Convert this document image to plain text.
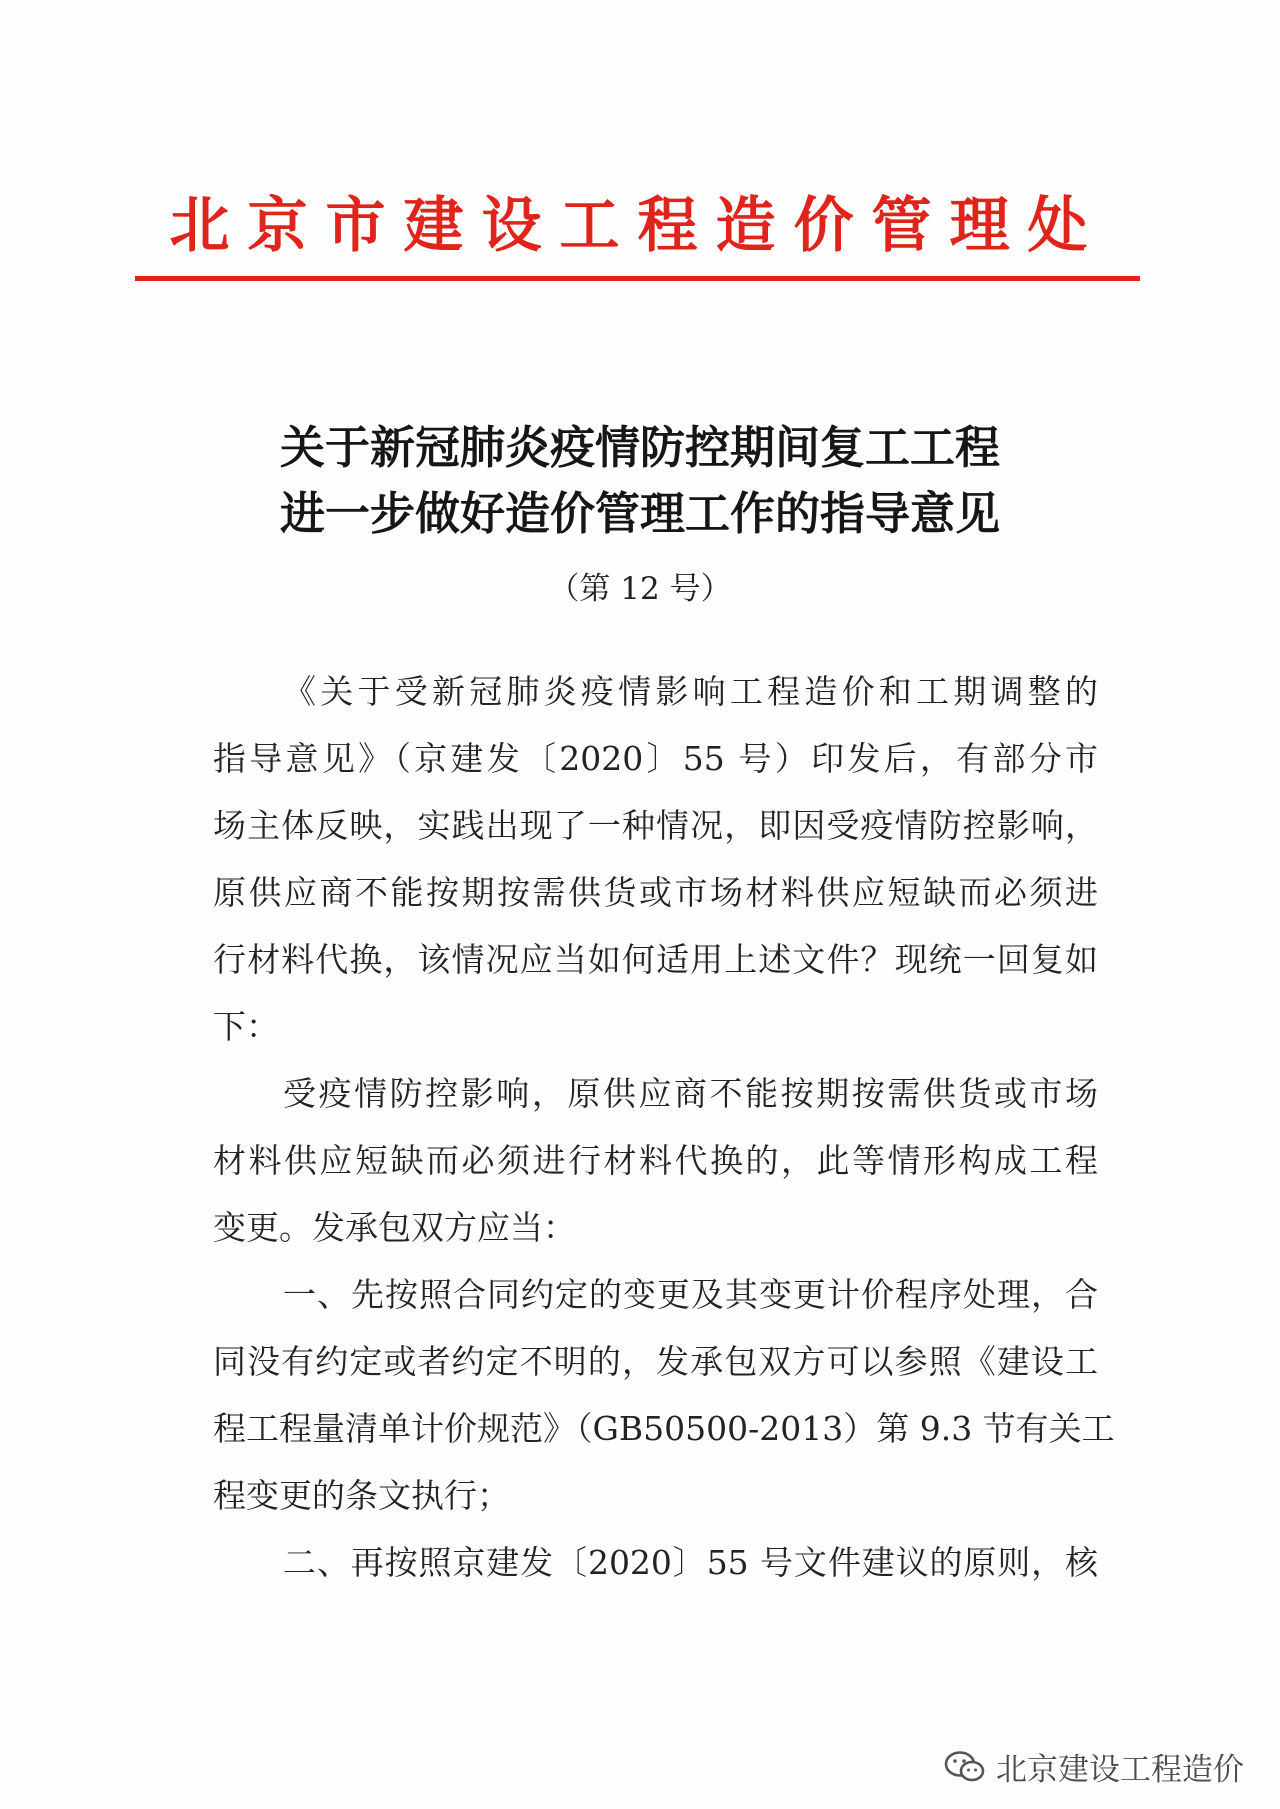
北京市建设工程造价管理处
关于新冠肺炎疫情防控期间复工工程
进一步做好造价管理工作的指导意见
（第 12 号）
《关于受新冠肺炎疫情影响工程造价和工期调整的
指导意见》（京建发〔2020〕55 号）印发后，有部分市
场主体反映，实践出现了一种情况，即因受疫情防控影响，
原供应商不能按期按需供货或市场材料供应短缺而必须进
行材料代换，该情况应当如何适用上述文件？现统一回复如
下：
受疫情防控影响，原供应商不能按期按需供货或市场
材料供应短缺而必须进行材料代换的，此等情形构成工程
变更。发承包双方应当：
一、先按照合同约定的变更及其变更计价程序处理，合
同没有约定或者约定不明的，发承包双方可以参照《建设工
程工程量清单计价规范》（GB50500-2013）第 9.3 节有关工
程变更的条文执行；
二、再按照京建发〔2020〕55 号文件建议的原则，核
北京建设工程造价
